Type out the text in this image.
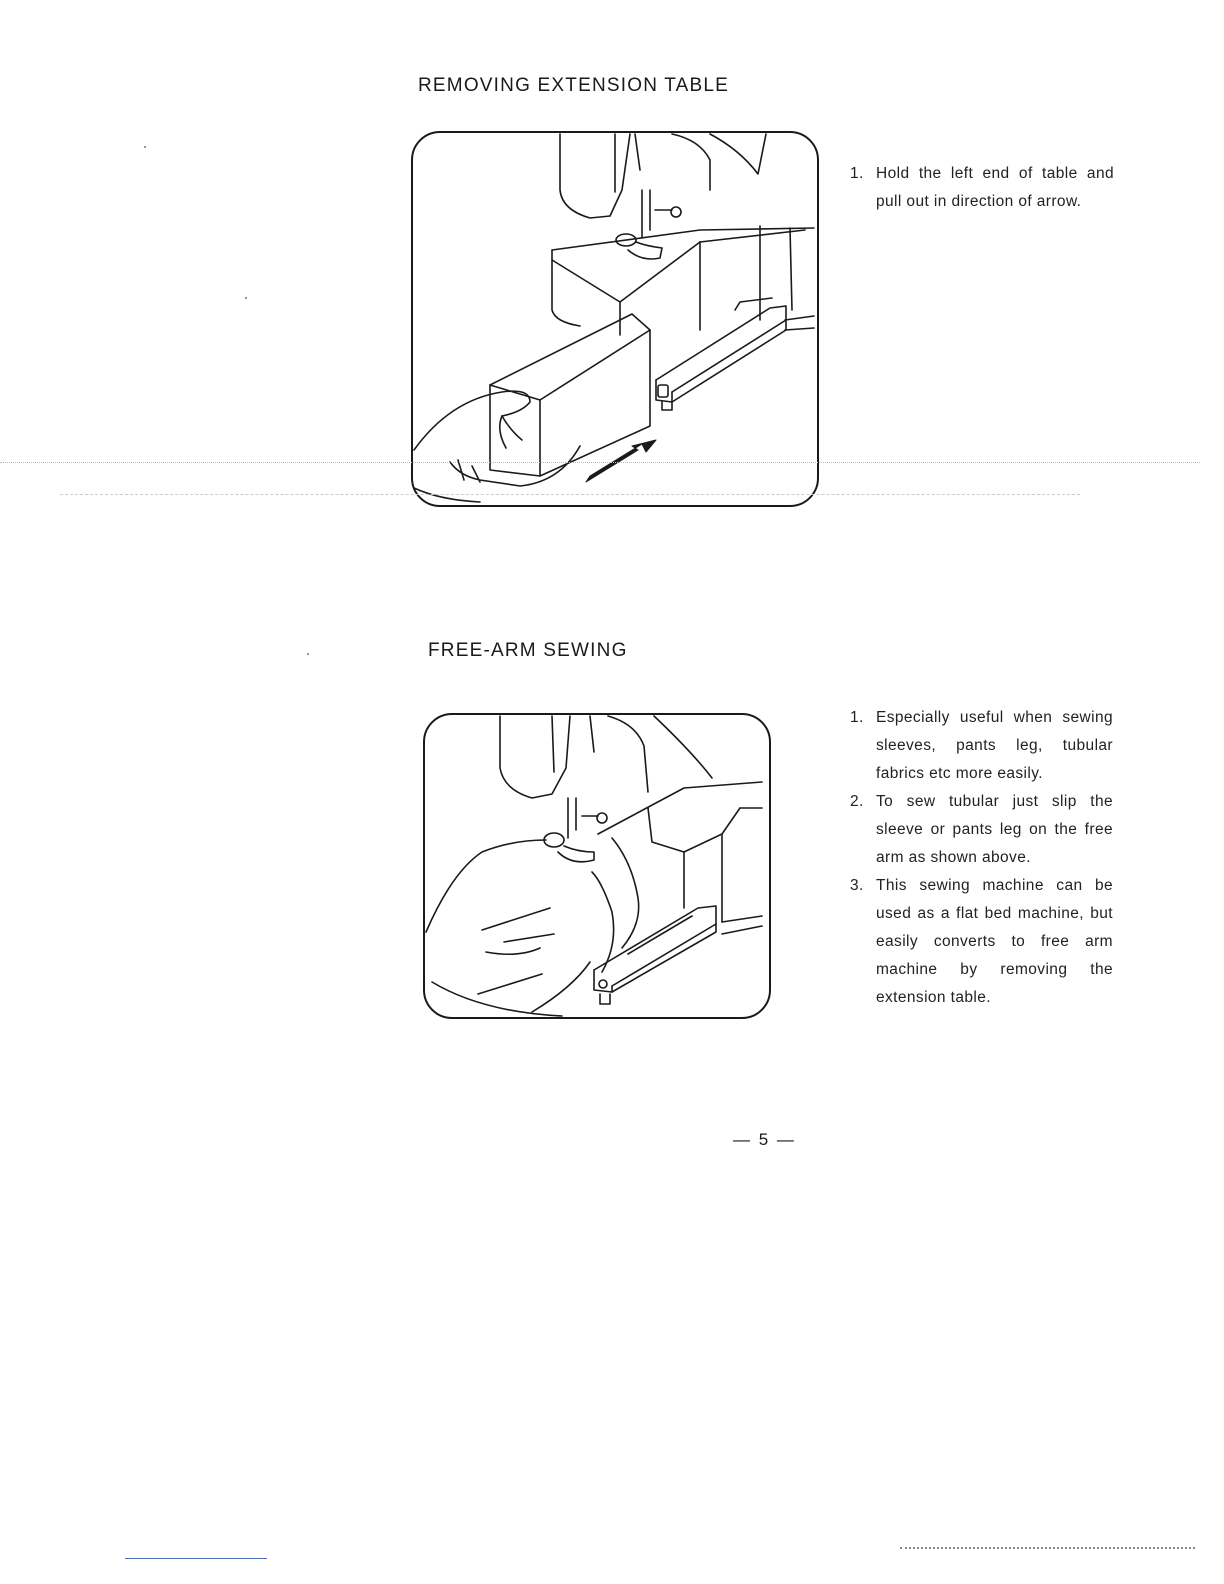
REMOVING EXTENSION TABLE
1. Hold the left end of table and pull out in direction of arrow.
FREE-ARM SEWING
1. Especially useful when sewing sleeves, pants leg, tubular fabrics etc more easily.
2. To sew tubular just slip the sleeve or pants leg on the free arm as shown above.
3. This sewing machine can be used as a flat bed machine, but easily converts to free arm machine by removing the extension table.
— 5 —
